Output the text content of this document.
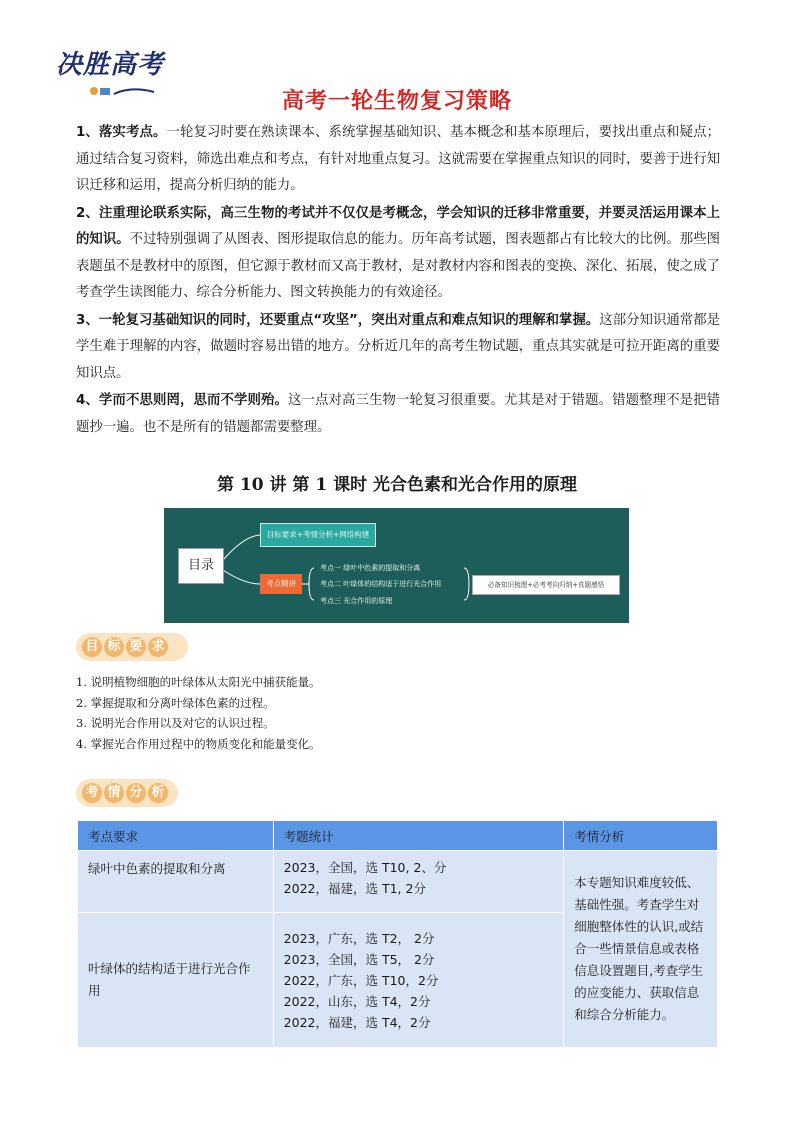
决胜高考
高考一轮生物复习策略

1、落实考点。一轮复习时要在熟读课本、系统掌握基础知识、基本概念和基本原理后，要找出重点和疑点；通过结合复习资料，筛选出难点和考点，有针对地重点复习。这就需要在掌握重点知识的同时，要善于进行知识迁移和运用，提高分析归纳的能力。

2、注重理论联系实际，高三生物的考试并不仅仅是考概念，学会知识的迁移非常重要，并要灵活运用课本上的知识。不过特别强调了从图表、图形提取信息的能力。历年高考试题，图表题都占有比较大的比例。那些图表题虽不是教材中的原图，但它源于教材而又高于教材，是对教材内容和图表的变换、深化、拓展，使之成了考查学生读图能力、综合分析能力、图文转换能力的有效途径。

3、一轮复习基础知识的同时，还要重点“攻坚”，突出对重点和难点知识的理解和掌握。这部分知识通常都是学生难于理解的内容，做题时容易出错的地方。分析近几年的高考生物试题，重点其实就是可拉开距离的重要知识点。

4、学而不思则罔，思而不学则殆。这一点对高三生物一轮复习很重要。尤其是对于错题。错题整理不是把错题抄一遍。也不是所有的错题都需要整理。

第 10 讲 第 1 课时 光合色素和光合作用的原理
目录
目标要求+考情分析+网络构建
考点精讲
考点一 绿叶中色素的提取和分离
考点二 叶绿体的结构适于进行光合作用
考点三 光合作用的原理
必备知识梳理+必考考向归纳+真题感悟
目 标 要 求
1. 说明植物细胞的叶绿体从太阳光中捕获能量。
2. 掌握提取和分离叶绿体色素的过程。
3. 说明光合作用以及对它的认识过程。
4. 掌握光合作用过程中的物质变化和能量变化。
考 情 分 析
考点要求	考题统计	考情分析
绿叶中色素的提取和分离	2023，全国，选 T10, 2、分
2022，福建，选 T1, 2分	本专题知识难度较低、基础性强。考查学生对细胞整体性的认识,或结合一些情景信息或表格信息设置题目,考查学生的应变能力、获取信息和综合分析能力。
叶绿体的结构适于进行光合作用	2023，广东，选 T2， 2分
2023，全国，选 T5， 2分
2022，广东，选 T10，2分
2022，山东，选 T4，2分
2022，福建，选 T4，2分	
